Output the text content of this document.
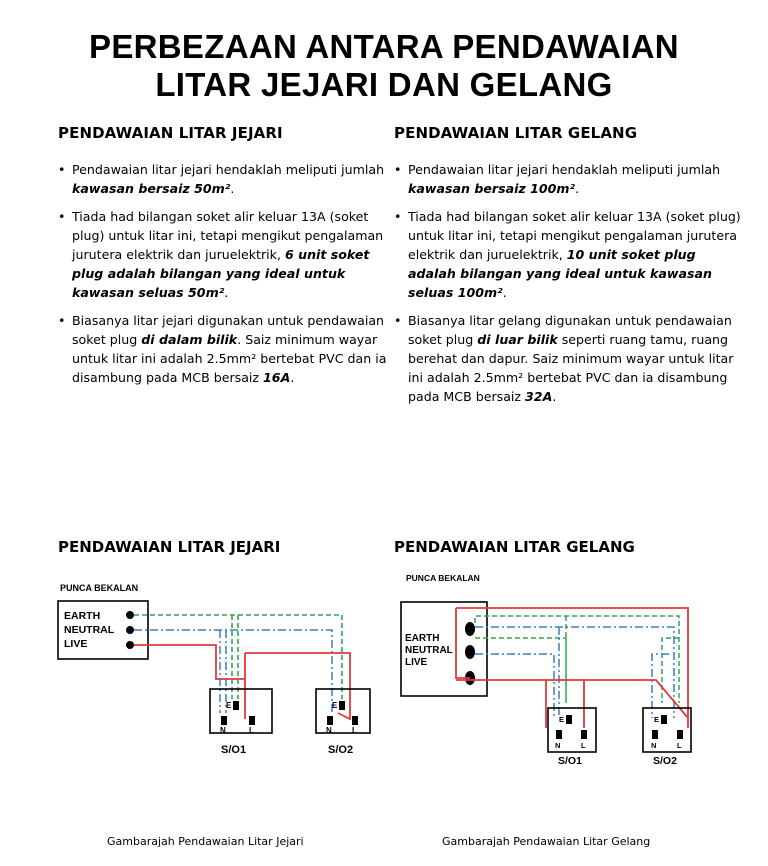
PERBEZAAN ANTARA PENDAWAIAN
LITAR JEJARI DAN GELANG
PENDAWAIAN LITAR JEJARI
• Pendawaian litar jejari hendaklah meliputi jumlah kawasan bersaiz 50m².
• Tiada had bilangan soket alir keluar 13A (soket plug) untuk litar ini, tetapi mengikut pengalaman jurutera elektrik dan juruelektrik, 6 unit soket plug adalah bilangan yang ideal untuk kawasan seluas 50m².
• Biasanya litar jejari digunakan untuk pendawaian soket plug di dalam bilik. Saiz minimum wayar untuk litar ini adalah 2.5mm² bertebat PVC dan ia disambung pada MCB bersaiz 16A.
PENDAWAIAN LITAR GELANG
• Pendawaian litar jejari hendaklah meliputi jumlah kawasan bersaiz 100m².
• Tiada had bilangan soket alir keluar 13A (soket plug) untuk litar ini, tetapi mengikut pengalaman jurutera elektrik dan juruelektrik, 10 unit soket plug adalah bilangan yang ideal untuk kawasan seluas 100m².
• Biasanya litar gelang digunakan untuk pendawaian soket plug di luar bilik seperti ruang tamu, ruang berehat dan dapur. Saiz minimum wayar untuk litar ini adalah 2.5mm² bertebat PVC dan ia disambung pada MCB bersaiz 32A.
PENDAWAIAN LITAR JEJARI	PENDAWAIAN LITAR GELANG
PUNCA BEKALAN
EARTH
NEUTRAL
LIVE
E
N	L
E
N	L
S/O1	S/O2
PUNCA BEKALAN
EARTH
NEUTRAL
LIVE
E
N	L
E
N	L
S/O1	S/O2
Gambarajah Pendawaian Litar Jejari	Gambarajah Pendawaian Litar Gelang
